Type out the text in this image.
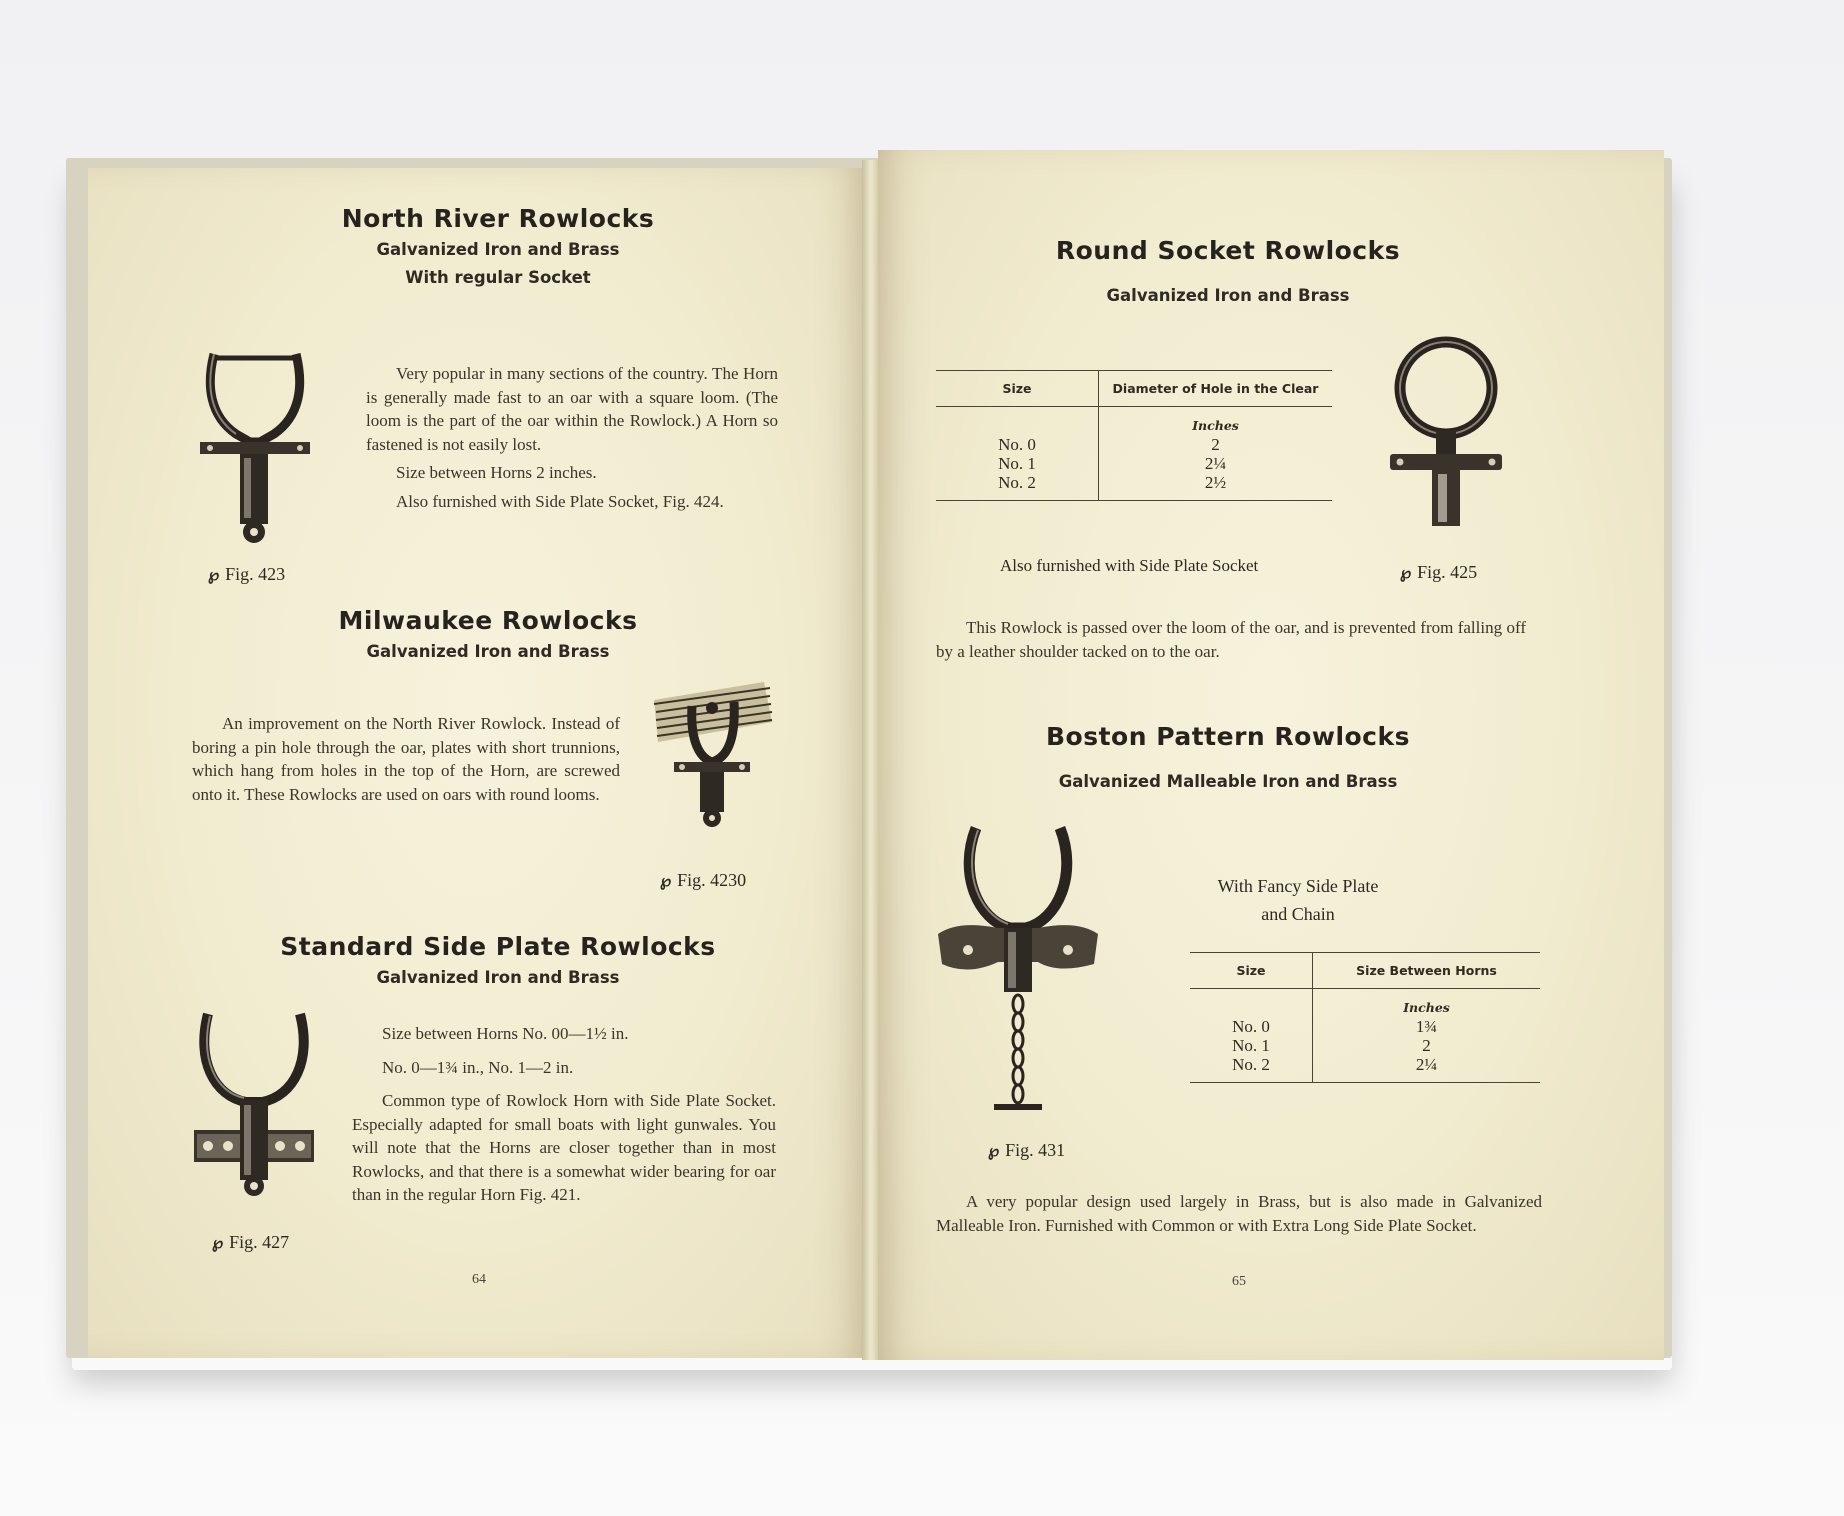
North River Rowlocks
Galvanized Iron and Brass
With regular Socket

Very popular in many sections of the country. The Horn is generally made fast to an oar with a square loom. (The loom is the part of the oar within the Rowlock.) A Horn so fastened is not easily lost.

Size between Horns 2 inches.

Also furnished with Side Plate Socket, Fig. 424.

℘ Fig. 423
Milwaukee Rowlocks
Galvanized Iron and Brass
An improvement on the North River Rowlock. Instead of boring a pin hole through the oar, plates with short trunnions, which hang from holes in the top of the Horn, are screwed onto it. These Rowlocks are used on oars with round looms.
℘ Fig. 4230
Standard Side Plate Rowlocks
Galvanized Iron and Brass

Size between Horns No. 00—1½ in.

No. 0—1¾ in., No. 1—2 in.

Common type of Rowlock Horn with Side Plate Socket. Especially adapted for small boats with light gunwales. You will note that the Horns are closer together than in most Rowlocks, and that there is a somewhat wider bearing for oar than in the regular Horn Fig. 421.

℘ Fig. 427
64
Round Socket Rowlocks
Galvanized Iron and Brass
Size	Diameter of Hole in the Clear
	Inches
No. 0	2
No. 1	2¼
No. 2	2½
Also furnished with Side Plate Socket	℘ Fig. 425
This Rowlock is passed over the loom of the oar, and is prevented from falling off by a leather shoulder tacked on to the oar.
Boston Pattern Rowlocks
Galvanized Malleable Iron and Brass
℘ Fig. 431
With Fancy Side Plate
and Chain
Size	Size Between Horns
	Inches
No. 0	1¾
No. 1	2
No. 2	2¼
A very popular design used largely in Brass, but is also made in Galvanized Malleable Iron. Furnished with Common or with Extra Long Side Plate Socket.
65
